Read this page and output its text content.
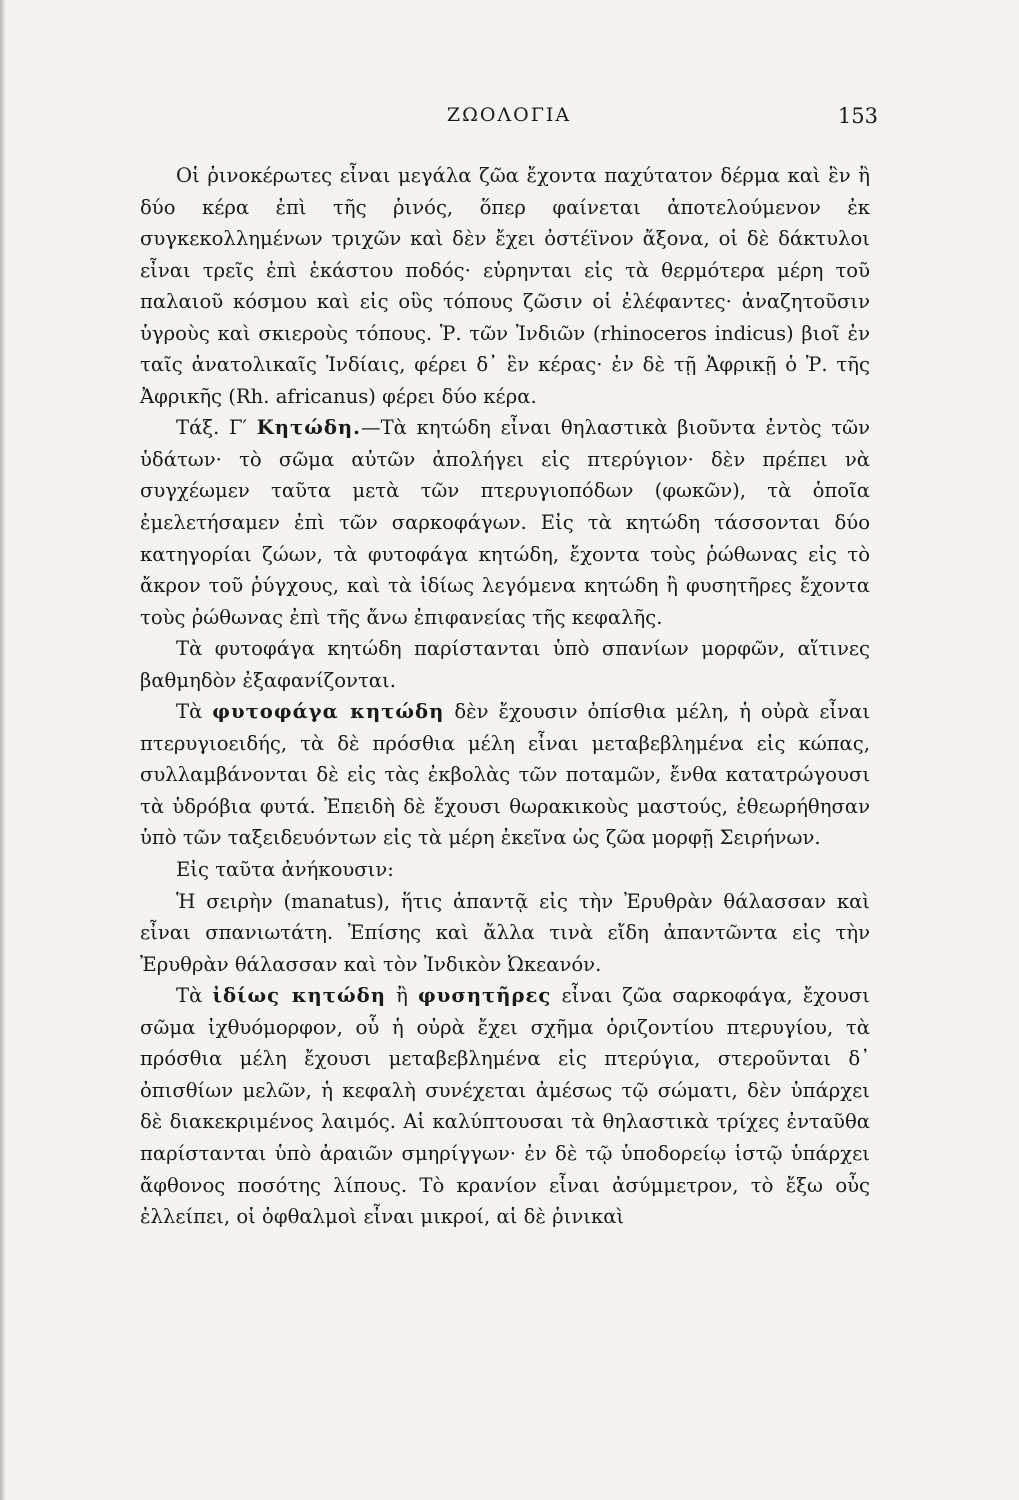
ΖΩΟΛΟΓΙΑ	153

Οἱ ῥινοκέρωτες εἶναι μεγάλα ζῶα ἔχοντα παχύτατον δέρμα καὶ ἓν ἢ δύο κέρα ἐπὶ τῆς ῥινός, ὅπερ φαίνεται ἀποτελούμενον ἐκ συγκεκολλημένων τριχῶν καὶ δὲν ἔχει ὀστέϊνον ἄξονα, οἱ δὲ δάκτυλοι εἶναι τρεῖς ἐπὶ ἑκάστου ποδός· εὑρηνται εἰς τὰ θερμότερα μέρη τοῦ παλαιοῦ κόσμου καὶ εἰς οὓς τόπους ζῶσιν οἱ ἐλέφαντες· ἀναζητοῦσιν ὑγροὺς καὶ σκιεροὺς τόπους. Ῥ. τῶν Ἰνδιῶν (rhinoceros indicus) βιοῖ ἐν ταῖς ἀνατολικαῖς Ἰνδίαις, φέρει δ᾽ ἓν κέρας· ἐν δὲ τῇ Ἀφρικῇ ὁ Ῥ. τῆς Ἀφρικῆς (Rh. africanus) φέρει δύο κέρα.

Τάξ. Γ′ Κητώδη.—Τὰ κητώδη εἶναι θηλαστικὰ βιοῦντα ἐντὸς τῶν ὑδάτων· τὸ σῶμα αὐτῶν ἀπολήγει εἰς πτερύγιον· δὲν πρέπει νὰ συγχέωμεν ταῦτα μετὰ τῶν πτερυγιοπόδων (φωκῶν), τὰ ὁποῖα ἐμελετήσαμεν ἐπὶ τῶν σαρκοφάγων. Εἰς τὰ κητώδη τάσσονται δύο κατηγορίαι ζώων, τὰ φυτοφάγα κητώδη, ἔχοντα τοὺς ῥώθωνας εἰς τὸ ἄκρον τοῦ ῥύγχους, καὶ τὰ ἰδίως λεγόμενα κητώδη ἢ φυσητῆρες ἔχοντα τοὺς ῥώθωνας ἐπὶ τῆς ἄνω ἐπιφανείας τῆς κεφαλῆς.

Τὰ φυτοφάγα κητώδη παρίστανται ὑπὸ σπανίων μορφῶν, αἵτινες βαθμηδὸν ἐξαφανίζονται.

Τὰ φυτοφάγα κητώδη δὲν ἔχουσιν ὀπίσθια μέλη, ἡ οὐρὰ εἶναι πτερυγιοειδής, τὰ δὲ πρόσθια μέλη εἶναι μεταβεβλημένα εἰς κώπας, συλλαμβάνονται δὲ εἰς τὰς ἐκβολὰς τῶν ποταμῶν, ἔνθα κατατρώγουσι τὰ ὑδρόβια φυτά. Ἐπειδὴ δὲ ἔχουσι θωρακικοὺς μαστούς, ἐθεωρήθησαν ὑπὸ τῶν ταξειδευόντων εἰς τὰ μέρη ἐκεῖνα ὡς ζῶα μορφῇ Σειρήνων.

Εἰς ταῦτα ἀνήκουσιν:

Ἡ σειρὴν (manatus), ἥτις ἀπαντᾷ εἰς τὴν Ἐρυθρὰν θάλασσαν καὶ εἶναι σπανιωτάτη. Ἐπίσης καὶ ἄλλα τινὰ εἴδη ἀπαντῶντα εἰς τὴν Ἐρυθρὰν θάλασσαν καὶ τὸν Ἰνδικὸν Ὠκεανόν.

Τὰ ἰδίως κητώδη ἢ φυσητῆρες εἶναι ζῶα σαρκοφάγα, ἔχουσι σῶμα ἰχθυόμορφον, οὗ ἡ οὐρὰ ἔχει σχῆμα ὁριζοντίου πτερυγίου, τὰ πρόσθια μέλη ἔχουσι μεταβεβλημένα εἰς πτερύγια, στεροῦνται δ᾽ ὀπισθίων μελῶν, ἡ κεφαλὴ συνέχεται ἀμέσως τῷ σώματι, δὲν ὑπάρχει δὲ διακεκριμένος λαιμός. Αἱ καλύπτουσαι τὰ θηλαστικὰ τρίχες ἐνταῦθα παρίστανται ὑπὸ ἀραιῶν σμηρίγγων· ἐν δὲ τῷ ὑποδορείῳ ἱστῷ ὑπάρχει ἄφθονος ποσότης λίπους. Τὸ κρανίον εἶναι ἀσύμμετρον, τὸ ἔξω οὖς ἐλλείπει, οἱ ὀφθαλμοὶ εἶναι μικροί, αἱ δὲ ῥινικαὶ
